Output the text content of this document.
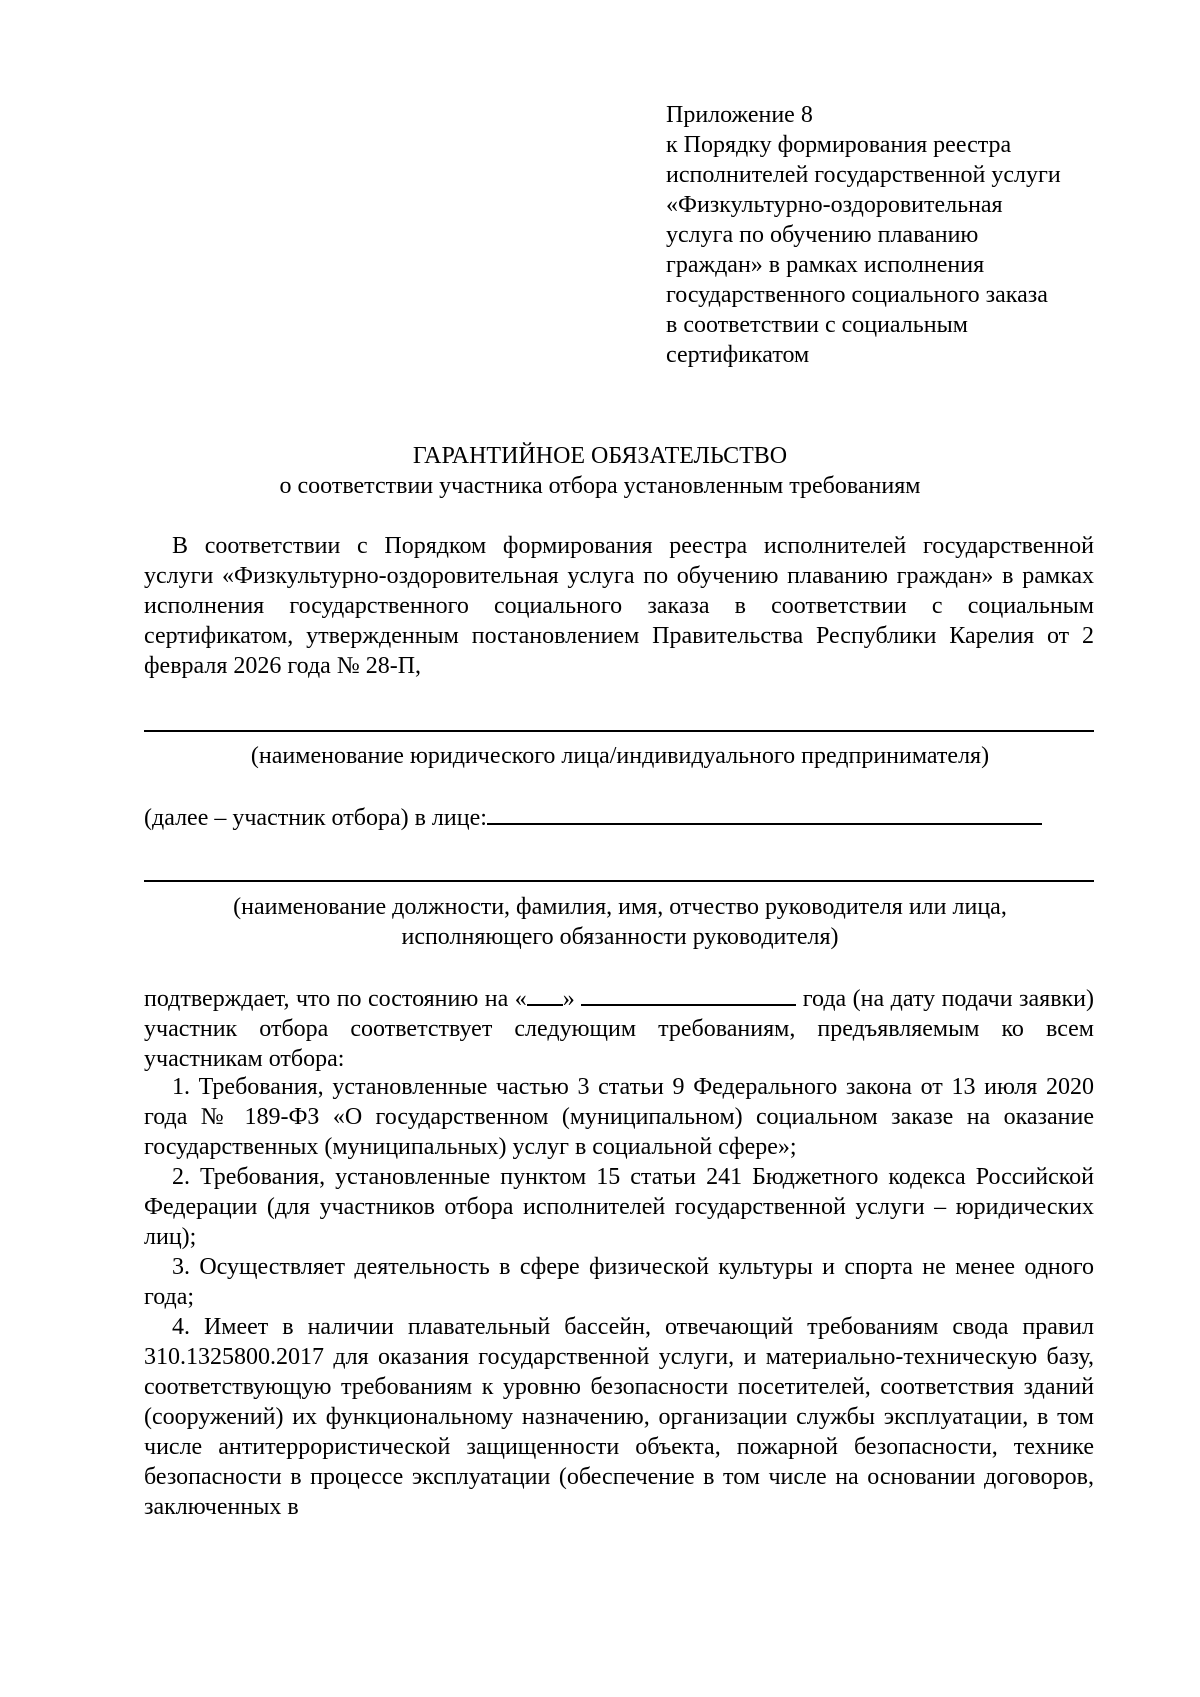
Приложение 8
к Порядку формирования реестра
исполнителей государственной услуги
«Физкультурно-оздоровительная
услуга по обучению плаванию
граждан» в рамках исполнения
государственного социального заказа
в соответствии с социальным
сертификатом
ГАРАНТИЙНОЕ ОБЯЗАТЕЛЬСТВО
о соответствии участника отбора установленным требованиям
В соответствии с Порядком формирования реестра исполнителей государственной услуги «Физкультурно-оздоровительная услуга по обучению плаванию граждан» в рамках исполнения государственного социального заказа в соответствии с социальным сертификатом, утвержденным постановлением Правительства Республики Карелия от 2 февраля 2026 года № 28-П,
(наименование юридического лица/индивидуального предпринимателя)
(далее – участник отбора) в лице:
(наименование должности, фамилия, имя, отчество руководителя или лица,
исполняющего обязанности руководителя)
подтверждает, что по состоянию на « »	года (на дату подачи заявки) участник отбора соответствует следующим требованиям, предъявляемым ко всем участникам отбора:
1. Требования, установленные частью 3 статьи 9 Федерального закона от 13 июля 2020 года № 189-ФЗ «О государственном (муниципальном) социальном заказе на оказание государственных (муниципальных) услуг в социальной сфере»;
2. Требования, установленные пунктом 15 статьи 241 Бюджетного кодекса Российской Федерации (для участников отбора исполнителей государственной услуги – юридических лиц);
3. Осуществляет деятельность в сфере физической культуры и спорта не менее одного года;
4. Имеет в наличии плавательный бассейн, отвечающий требованиям свода правил 310.1325800.2017 для оказания государственной услуги, и материально-техническую базу, соответствующую требованиям к уровню безопасности посетителей, соответствия зданий (сооружений) их функциональному назначению, организации службы эксплуатации, в том числе антитеррористической защищенности объекта, пожарной безопасности, технике безопасности в процессе эксплуатации (обеспечение в том числе на основании договоров, заключенных в
